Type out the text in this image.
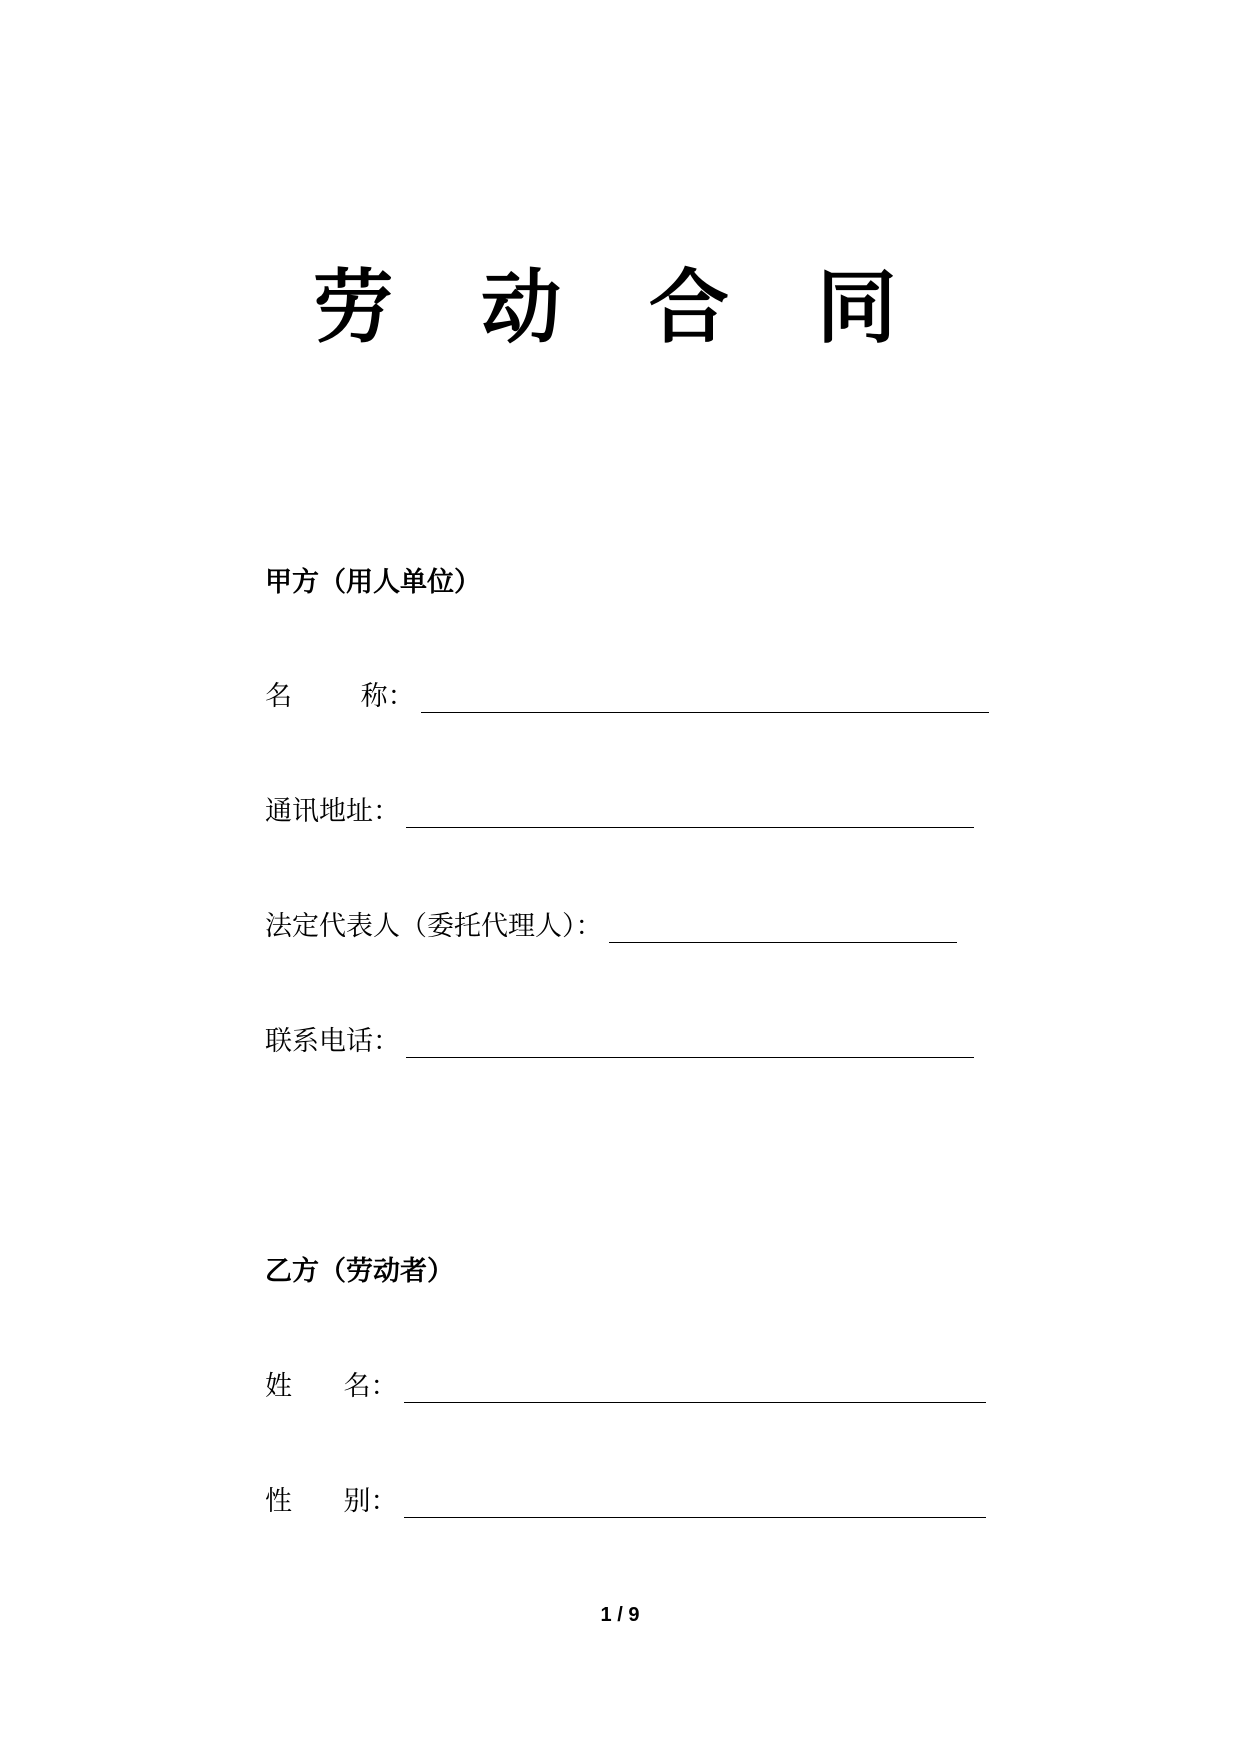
劳 动 合 同
甲方（用人单位）
名        称：
通讯地址：
法定代表人（委托代理人）：
联系电话：
乙方（劳动者）
姓      名：
性      别：
1 / 9
